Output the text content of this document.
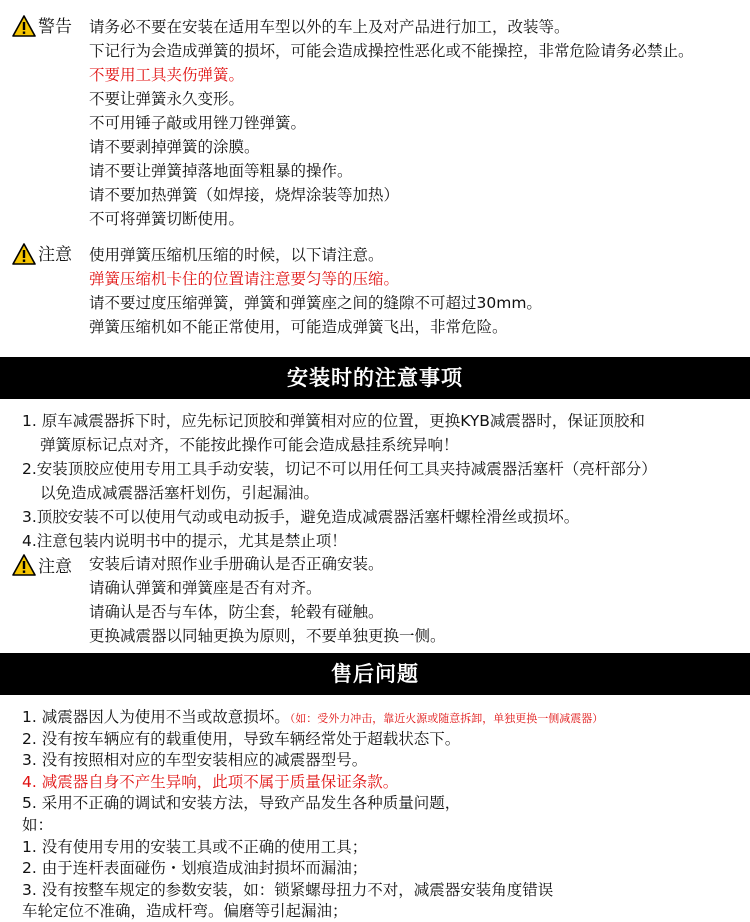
警告 请务必不要在安装在适用车型以外的车上及对产品进行加工，改装等。
下记行为会造成弹簧的损坏，可能会造成操控性恶化或不能操控，非常危险请务必禁止。
不要用工具夹伤弹簧。
不要让弹簧永久变形。
不可用锤子敲或用锉刀锉弹簧。
请不要剥掉弹簧的涂膜。
请不要让弹簧掉落地面等粗暴的操作。
请不要加热弹簧（如焊接，烧焊涂装等加热）
不可将弹簧切断使用。
注意 使用弹簧压缩机压缩的时候，以下请注意。
弹簧压缩机卡住的位置请注意要匀等的压缩。
请不要过度压缩弹簧，弹簧和弹簧座之间的缝隙不可超过30mm。
弹簧压缩机如不能正常使用，可能造成弹簧飞出，非常危险。
安装时的注意事项
1. 原车减震器拆下时，应先标记顶胶和弹簧相对应的位置，更换KYB减震器时，保证顶胶和
弹簧原标记点对齐，不能按此操作可能会造成悬挂系统异响！
2.安装顶胶应使用专用工具手动安装，切记不可以用任何工具夹持减震器活塞杆（亮杆部分）
以免造成减震器活塞杆划伤，引起漏油。
3.顶胶安装不可以使用气动或电动扳手，避免造成减震器活塞杆螺栓滑丝或损坏。
4.注意包装内说明书中的提示，尤其是禁止项！
注意 安装后请对照作业手册确认是否正确安装。
请确认弹簧和弹簧座是否有对齐。
请确认是否与车体，防尘套，轮毂有碰触。
更换减震器以同轴更换为原则，不要单独更换一侧。
售后问题
1. 减震器因人为使用不当或故意损坏。（如：受外力冲击，靠近火源或随意拆卸，单独更换一侧减震器）
2. 没有按车辆应有的载重使用，导致车辆经常处于超载状态下。
3. 没有按照相对应的车型安装相应的减震器型号。
4. 减震器自身不产生异响，此项不属于质量保证条款。
5. 采用不正确的调试和安装方法，导致产品发生各种质量问题，
如：
1. 没有使用专用的安装工具或不正确的使用工具；
2. 由于连杆表面碰伤・划痕造成油封损坏而漏油；
3. 没有按整车规定的参数安装，如：锁紧螺母扭力不对，减震器安装角度错误
车轮定位不准确，造成杆弯。偏磨等引起漏油；
